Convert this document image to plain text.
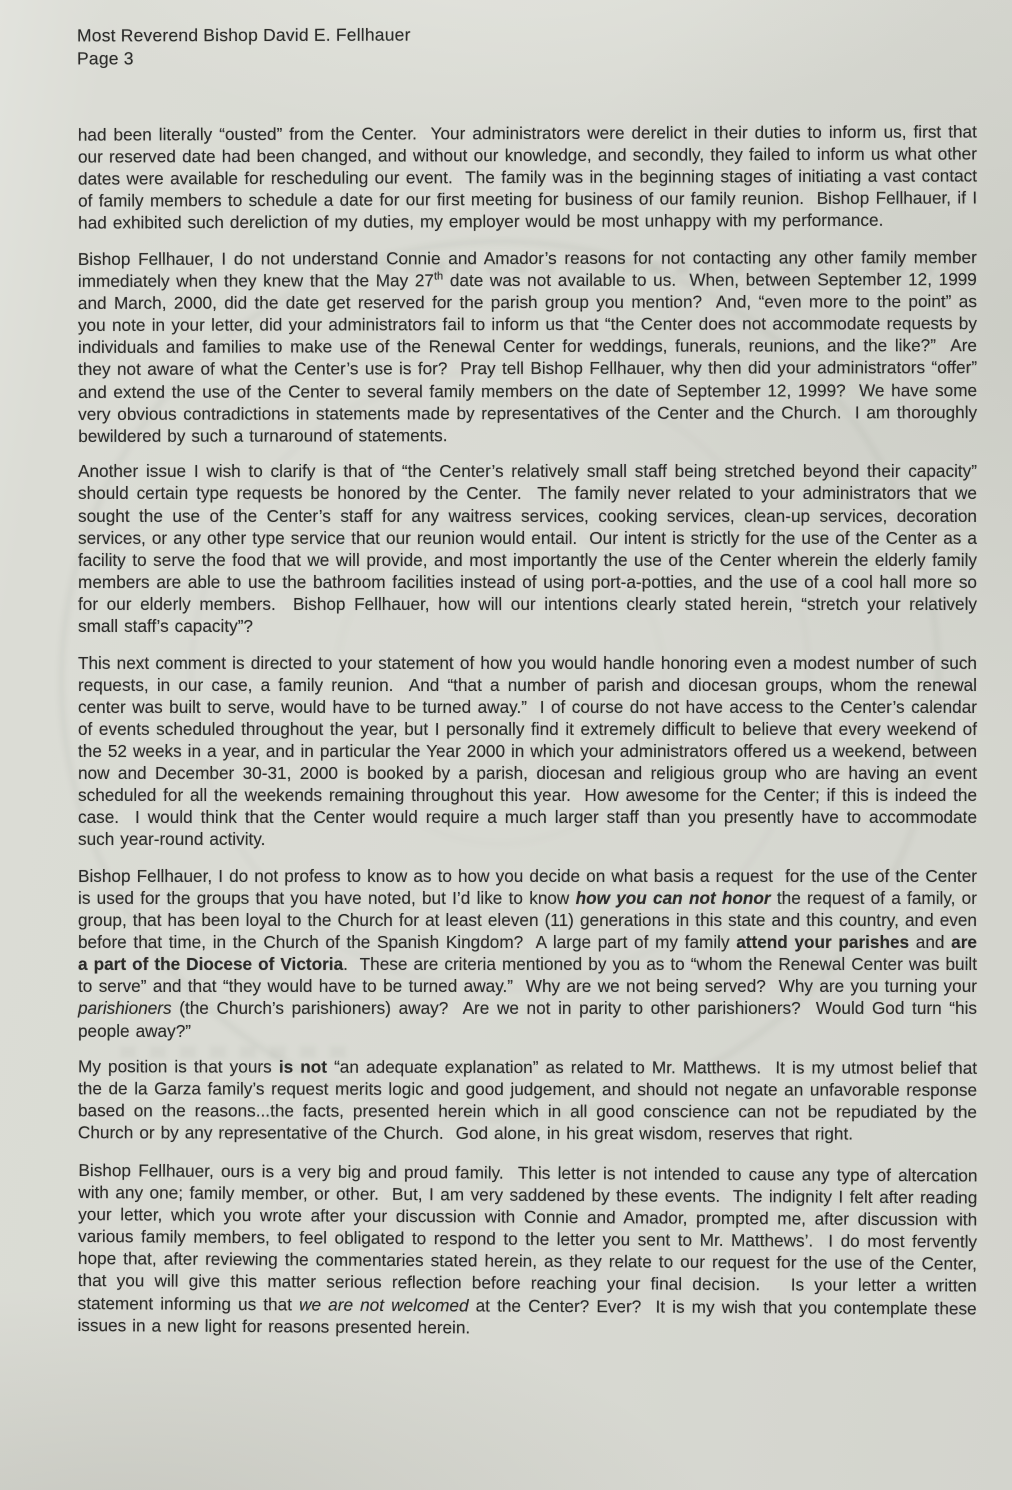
Most Reverend Bishop David E. Fellhauer
Page 3

had been literally “ousted” from the Center.  Your administrators were derelict in their duties to inform us, first that our reserved date had been changed, and without our knowledge, and secondly, they failed to inform us what other dates were available for rescheduling our event.  The family was in the beginning stages of initiating a vast contact of family members to schedule a date for our first meeting for business of our family reunion.  Bishop Fellhauer, if I had exhibited such dereliction of my duties, my employer would be most unhappy with my performance.

Bishop Fellhauer, I do not understand Connie and Amador’s reasons for not contacting any other family member immediately when they knew that the May 27th date was not available to us.  When, between September 12, 1999 and March, 2000, did the date get reserved for the parish group you mention?  And, “even more to the point” as you note in your letter, did your administrators fail to inform us that “the Center does not accommodate requests by individuals and families to make use of the Renewal Center for weddings, funerals, reunions, and the like?”  Are they not aware of what the Center’s use is for?  Pray tell Bishop Fellhauer, why then did your administrators “offer” and extend the use of the Center to several family members on the date of September 12, 1999?  We have some very obvious contradictions in statements made by representatives of the Center and the Church.  I am thoroughly bewildered by such a turnaround of statements.

Another issue I wish to clarify is that of “the Center’s relatively small staff being stretched beyond their capacity” should certain type requests be honored by the Center.  The family never related to your administrators that we sought the use of the Center’s staff for any waitress services, cooking services, clean-up services, decoration services, or any other type service that our reunion would entail.  Our intent is strictly for the use of the Center as a facility to serve the food that we will provide, and most importantly the use of the Center wherein the elderly family members are able to use the bathroom facilities instead of using port-a-potties, and the use of a cool hall more so for our elderly members.  Bishop Fellhauer, how will our intentions clearly stated herein, “stretch your relatively small staff’s capacity”?

This next comment is directed to your statement of how you would handle honoring even a modest number of such requests, in our case, a family reunion.  And “that a number of parish and diocesan groups, whom the renewal center was built to serve, would have to be turned away.”  I of course do not have access to the Center’s calendar of events scheduled throughout the year, but I personally find it extremely difficult to believe that every weekend of the 52 weeks in a year, and in particular the Year 2000 in which your administrators offered us a weekend, between now and December 30-31, 2000 is booked by a parish, diocesan and religious group who are having an event scheduled for all the weekends remaining throughout this year.  How awesome for the Center; if this is indeed the case.  I would think that the Center would require a much larger staff than you presently have to accommodate such year-round activity.

Bishop Fellhauer, I do not profess to know as to how you decide on what basis a request  for the use of the Center is used for the groups that you have noted, but I’d like to know how you can not honor the request of a family, or group, that has been loyal to the Church for at least eleven (11) generations in this state and this country, and even before that time, in the Church of the Spanish Kingdom?  A large part of my family attend your parishes and are a part of the Diocese of Victoria.  These are criteria mentioned by you as to “whom the Renewal Center was built to serve” and that “they would have to be turned away.”  Why are we not being served?  Why are you turning your parishioners (the Church’s parishioners) away?  Are we not in parity to other parishioners?  Would God turn “his people away?”

My position is that yours is not “an adequate explanation” as related to Mr. Matthews.  It is my utmost belief that the de la Garza family’s request merits logic and good judgement, and should not negate an unfavorable response based on the reasons...the facts, presented herein which in all good conscience can not be repudiated by the Church or by any representative of the Church.  God alone, in his great wisdom, reserves that right.

Bishop Fellhauer, ours is a very big and proud family.  This letter is not intended to cause any type of altercation with any one; family member, or other.  But, I am very saddened by these events.  The indignity I felt after reading your letter, which you wrote after your discussion with Connie and Amador, prompted me, after discussion with various family members, to feel obligated to respond to the letter you sent to Mr. Matthews’.  I do most fervently hope that, after reviewing the commentaries stated herein, as they relate to our request for the use of the Center, that you will give this matter serious reflection before reaching your final decision.   Is your letter a written statement informing us that we are not welcomed at the Center? Ever?  It is my wish that you contemplate these issues in a new light for reasons presented herein.
